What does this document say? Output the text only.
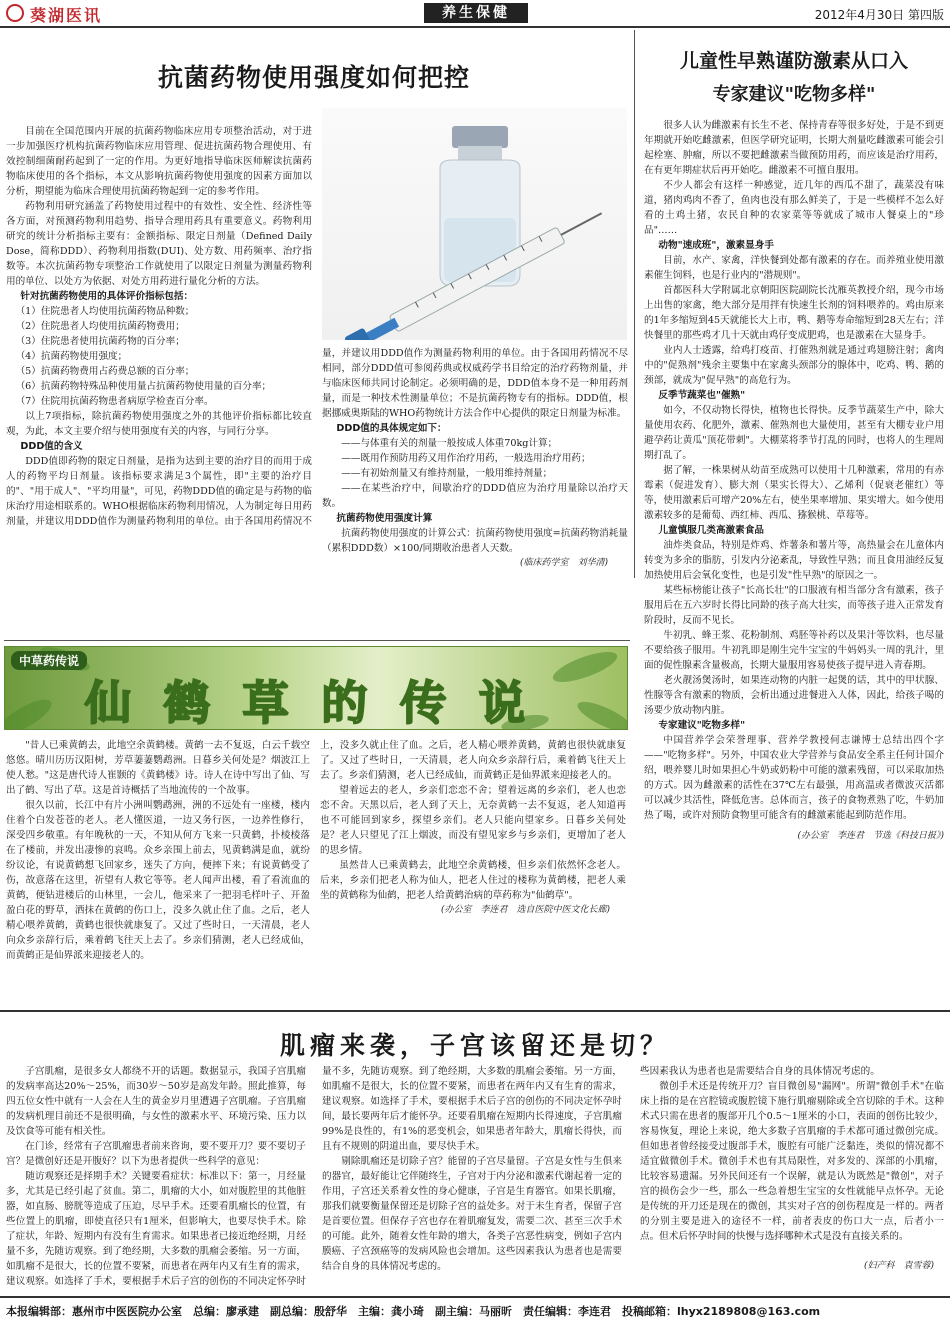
葵湖医讯	养生保健	2012年4月30日 第四版
抗菌药物使用强度如何把控

目前在全国范围内开展的抗菌药物临床应用专项整治活动，对于进一步加强医疗机构抗菌药物临床应用管理、促进抗菌药物合理使用、有效控制细菌耐药起到了一定的作用。为更好地指导临床医师解读抗菌药物临床使用的各个指标，本文从影响抗菌药物使用强度的因素方面加以分析，期望能为临床合理使用抗菌药物起到一定的参考作用。

药物利用研究涵盖了药物使用过程中的有效性、安全性、经济性等各方面，对预测药物利用趋势、指导合理用药具有重要意义。药物利用研究的统计分析指标主要有：金额指标、限定日剂量（Defined Daily Dose，简称DDD）、药物利用指数(DUI)、处方数、用药频率、治疗指数等。本次抗菌药物专项整治工作就使用了以限定日剂量为测量药物利用的单位、以处方为依据、对处方用药进行量化分析的方法。

针对抗菌药物使用的具体评价指标包括：

（1）住院患者人均使用抗菌药物品种数；

（2）住院患者人均使用抗菌药物费用；

（3）住院患者使用抗菌药物的百分率；

（4）抗菌药物使用强度；

（5）抗菌药物费用占药费总额的百分率；

（6）抗菌药物特殊品种使用量占抗菌药物使用量的百分率；

（7）住院用抗菌药物患者病原学检查百分率。

以上7项指标，除抗菌药物使用强度之外的其他评价指标都比较直观，为此，本文主要介绍与使用强度有关的内容，与同行分享。

DDD值的含义

DDD值即药物的限定日剂量，是指为达到主要的治疗目的而用于成人的药物平均日剂量。该指标要求满足3个属性，即"主要的治疗目的"、"用于成人"、"平均用量"，可见，药物DDD值的确定是与药物的临床治疗用途相联系的。WHO根据临床药物利用情况，人为制定每日用药剂量，并建议用DDD值作为测量药物利用的单位。由于各国用药情况不

量，并建议用DDD值作为测量药物利用的单位。由于各国用药情况不尽相同，部分DDD值可参阅药典或权威药学书目给定的治疗药物剂量，并与临床医师共同讨论制定。必须明确的是，DDD值本身不是一种用药剂量，而是一种技术性测量单位；不是抗菌药物专有的指标。DDD值，根据挪威奥斯陆的WHO药物统计方法合作中心提供的限定日剂量为标准。

DDD值的具体规定如下：

——与体重有关的剂量一般按成人体重70kg计算；

——既用作预防用药又用作治疗用药，一般选用治疗用药；

——有初始剂量又有维持剂量，一般用维持剂量；

——在某些治疗中，间歇治疗的DDD值应为治疗用量除以治疗天数。

抗菌药物使用强度计算

抗菌药物使用强度的计算公式：抗菌药物使用强度=抗菌药物消耗量（累积DDD数）×100/同期收治患者人天数。

(临床药学室　刘华清)

儿童性早熟谨防激素从口入
专家建议"吃物多样"

很多人认为雌激素有长生不老、保持青春等很多好处，于是不到更年期就开始吃雌激素，但医学研究证明，长期大剂量吃雌激素可能会引起栓塞、肿瘤，所以不要把雌激素当做预防用药，而应该是治疗用药，在有更年期症状后再开始吃。雌激素不可擅自服用。

不少人都会有这样一种感觉，近几年的西瓜不甜了，蔬菜没有味道，猪肉鸡肉不香了，鱼肉也没有那么鲜美了，于是一些模样不怎么好看的土鸡土猪，农民自种的农家菜等等就成了城市人餐桌上的"珍品"……

动物"速成班"，激素显身手

目前，水产、家禽，洋快餐到处都有激素的存在。而养殖业使用激素催生饲料，也是行业内的"潜规则"。

首都医科大学附属北京朝阳医院副院长沈雁英教授介绍，现今市场上出售的家禽，绝大部分是用拌有快速生长剂的饲料喂养的。鸡由原来的1年多缩短到45天就能长大上市，鸭、鹅等寿命缩短到28天左右；洋快餐里的那些鸡才几十天就由鸡仔变成肥鸡，也是激素在大显身手。

业内人士透露，给鸡打疫苗、打催熟剂就是通过鸡翅膀注射；禽肉中的"促熟剂"残余主要集中在家禽头颈部分的腺体中，吃鸡、鸭、鹅的颈部，就成为"促早熟"的高危行为。

反季节蔬菜也"催熟"

如今，不仅动物长得快，植物也长得快。反季节蔬菜生产中，除大量使用农药、化肥外，激素、催熟剂也大量使用，甚至有大棚专业户用避孕药让黄瓜"顶花带刺"。大棚菜将季节打乱的同时，也将人的生理周期打乱了。

据了解，一株果树从幼苗至成熟可以使用十几种激素，常用的有赤霉素（促进发育）、膨大剂（果实长得大）、乙烯利（促衰老催红）等等，使用激素后可增产20%左右，使坐果率增加、果实增大。如今使用激素较多的是葡萄、西红柿、西瓜、猕猴桃、草莓等。

儿童慎服几类高激素食品

油炸类食品，特别是炸鸡、炸薯条和薯片等，高热量会在儿童体内转变为多余的脂肪，引发内分泌紊乱，导致性早熟；而且食用油经反复加热使用后会氧化变性，也是引发"性早熟"的原因之一。

某些标榜能让孩子"长高长壮"的口服液有相当部分含有激素，孩子服用后在五六岁时长得比同龄的孩子高大壮实，而等孩子进入正常发育阶段时，反而不见长。

牛初乳、蜂王浆、花粉制剂、鸡胚等补药以及果汁等饮料，也尽量不要给孩子服用。牛初乳即是刚生完牛宝宝的牛妈妈头一周的乳汁，里面的促性腺素含量极高，长期大量服用容易使孩子提早进入青春期。

老火靓汤煲汤时，如果连动物的内脏一起煲的话，其中的甲状腺、性腺等含有激素的物质，会析出通过进餐进入人体，因此，给孩子喝的汤要少放动物内脏。

专家建议"吃物多样"

中国营养学会荣誉理事、营养学教授何志谦博士总结出四个字——"吃物多样"。另外，中国农业大学营养与食品安全系主任何计国介绍，喂养婴儿时如果担心牛奶或奶粉中可能的激素残留，可以采取加热的方式。因为雌激素的活性在37℃左右最强，用高温或者微波灭活都可以减少其活性，降低危害。总体而言，孩子的食物煮熟了吃，牛奶加热了喝，或许对预防食物里可能含有的雌激素能起到防范作用。

(办公室　李连君　节选《科技日报》)

中草药传说
仙 鹤 草 的 传 说

"昔人已乘黄鹤去，此地空余黄鹤楼。黄鹤一去不复返，白云千载空悠悠。晴川历历汉阳树，芳草萋萋鹦鹉洲。日暮乡关何处是？烟波江上使人愁。"这是唐代诗人崔颢的《黄鹤楼》诗。诗人在诗中写出了仙、写出了鹤、写出了草。这是首诗概括了当地流传的一个故事。

很久以前，长江中有片小洲叫鹦鹉洲，洲的不远处有一座楼，楼内住着个白发苍苍的老人。老人懂医道，一边又务行医，一边养性修行，深受四乡敬重。有年晚秋的一天，不知从何方飞来一只黄鹤，扑棱棱落在了楼前，并发出凄惨的哀鸣。众乡亲围上前去，见黄鹤满是血，就纷纷议论，有说黄鹤想飞回家乡，迷失了方向，便摔下来；有说黄鹤受了伤，故意落在这里，祈望有人救它等等。老人闻声出楼，看了看流血的黄鹤，便钻进楼后的山林里，一会儿，他采来了一把羽毛样叶子、开盈盈白花的野草，洒抹在黄鹤的伤口上，没多久就止住了血。之后，老人精心喂养黄鹤，黄鹤也很快就康复了。又过了些时日，一天清晨，老人向众乡亲辞行后，乘着鹤飞往天上去了。乡亲们猜测，老人已经成仙，而黄鹤正是仙界派来迎接老人的。

上，没多久就止住了血。之后，老人精心喂养黄鹤，黄鹤也很快就康复了。又过了些时日，一天清晨，老人向众乡亲辞行后，乘着鹤飞往天上去了。乡亲们猜测，老人已经成仙，而黄鹤正是仙界派来迎接老人的。

望着远去的老人，乡亲们恋恋不舍；望着远离的乡亲们，老人也恋恋不舍。天黑以后，老人到了天上，无奈黄鹤一去不复返，老人知道再也不可能回到家乡，探望乡亲们。老人只能向望家乡。日暮乡关何处是？老人只望见了江上烟波，而没有望见家乡与乡亲们，更增加了老人的思乡情。

虽然昔人已乘黄鹤去，此地空余黄鹤楼，但乡亲们依然怀念老人。后来，乡亲们把老人称为仙人，把老人住过的楼称为黄鹤楼，把老人乘坐的黄鹤称为仙鹤，把老人给黄鹤治病的草药称为"仙鹤草"。

(办公室　李连君　选自医院中医文化长廊)

肌瘤来袭，子宫该留还是切？

子宫肌瘤，是很多女人都绕不开的话题。数据显示，我国子宫肌瘤的发病率高达20%～25%，而30岁～50岁是高发年龄。照此推算，每四五位女性中就有一人会在人生的黄金岁月里遭遇子宫肌瘤。子宫肌瘤的发病机理目前还不是很明确，与女性的激素水平、环境污染、压力以及饮食等可能有相关性。

在门诊，经常有子宫肌瘤患者前来咨询，要不要开刀？要不要切子宫？是微创好还是开腹好？以下为患者提供一些科学的意见：

随访观察还是择期手术？关键要看症状：标准以下：第一，月经量多，尤其是已经引起了贫血。第二，肌瘤的大小，如对腹腔里的其他脏器，如直肠、膀胱等造成了压迫，尽早手术。还要看肌瘤长的位置，有些位置上的肌瘤，即使直径只有1厘米，但影响大，也要尽快手术。除了症状，年龄、短期内有没有生育需求。如果患者已接近绝经期，月经量不多，先随访观察。到了绝经期，大多数的肌瘤会萎缩。另一方面，如肌瘤不是很大，长的位置不要紧，而患者在两年内又有生育的需求，建议观察。如选择了手术，要根据手术后子宫的创伤的不同决定怀孕时

量不多，先随访观察。到了绝经期，大多数的肌瘤会萎缩。另一方面，如肌瘤不是很大，长的位置不要紧，而患者在两年内又有生育的需求，建议观察。如选择了手术，要根据手术后子宫的创伤的不同决定怀孕时间，最长要两年后才能怀孕。还要看肌瘤在短期内长得速度，子宫肌瘤99%是良性的，有1%的恶变机会，如果患者年龄大，肌瘤长得快，而且有不规则的阴道出血，要尽快手术。

剔除肌瘤还是切除子宫？能留的子宫尽量留。子宫是女性与生俱来的器官，最好能让它伴随终生，子宫对于内分泌和激素代谢起着一定的作用，子宫还关系着女性的身心健康，子宫是生育器官。如果长肌瘤，那我们就要衡量保留还是切除子宫的益处多。对于未生育者，保留子宫是首要位置。但保存子宫也存在着肌瘤复发，需要二次、甚至三次手术的可能。此外，随着女性年龄的增大，各类子宫恶性病变，例如子宫内膜癌、子宫颈癌等的发病风险也会增加。这些因素我认为患者也是需要结合自身的具体情况考虑的。

些因素我认为患者也是需要结合自身的具体情况考虑的。

微创手术还是传统开刀？盲目微创易"漏网"。所谓"微创手术"在临床上指的是在宫腔镜或腹腔镜下施行肌瘤剔除或全宫切除的手术。这种术式只需在患者的腹部开几个0.5～1厘米的小口，表面的创伤比较少，容易恢复，理论上来说，绝大多数子宫肌瘤的手术都可通过微创完成。但如患者曾经接受过腹部手术，腹腔有可能广泛黏连，类似的情况都不适宜做微创手术。微创手术也有其局限性，对多发的、深部的小肌瘤，比较容易遗漏。另外民间还有一个误解，就是认为既然是"微创"，对子宫的损伤会少一些，那么一些急着想生宝宝的女性就能早点怀孕。无论是传统的开刀还是现在的微创，其实对子宫的创伤程度是一样的。两者的分别主要是进入的途径不一样，前者表皮的伤口大一点，后者小一点。但术后怀孕时间的快慢与选择哪种术式是没有直接关系的。

(妇产科　袁雪蓉)

本报编辑部：惠州市中医医院办公室　总编：廖承建　副总编：殷舒华　主编：龚小琦　副主编：马丽昕　责任编辑：李连君　投稿邮箱：lhyx2189808@163.com
